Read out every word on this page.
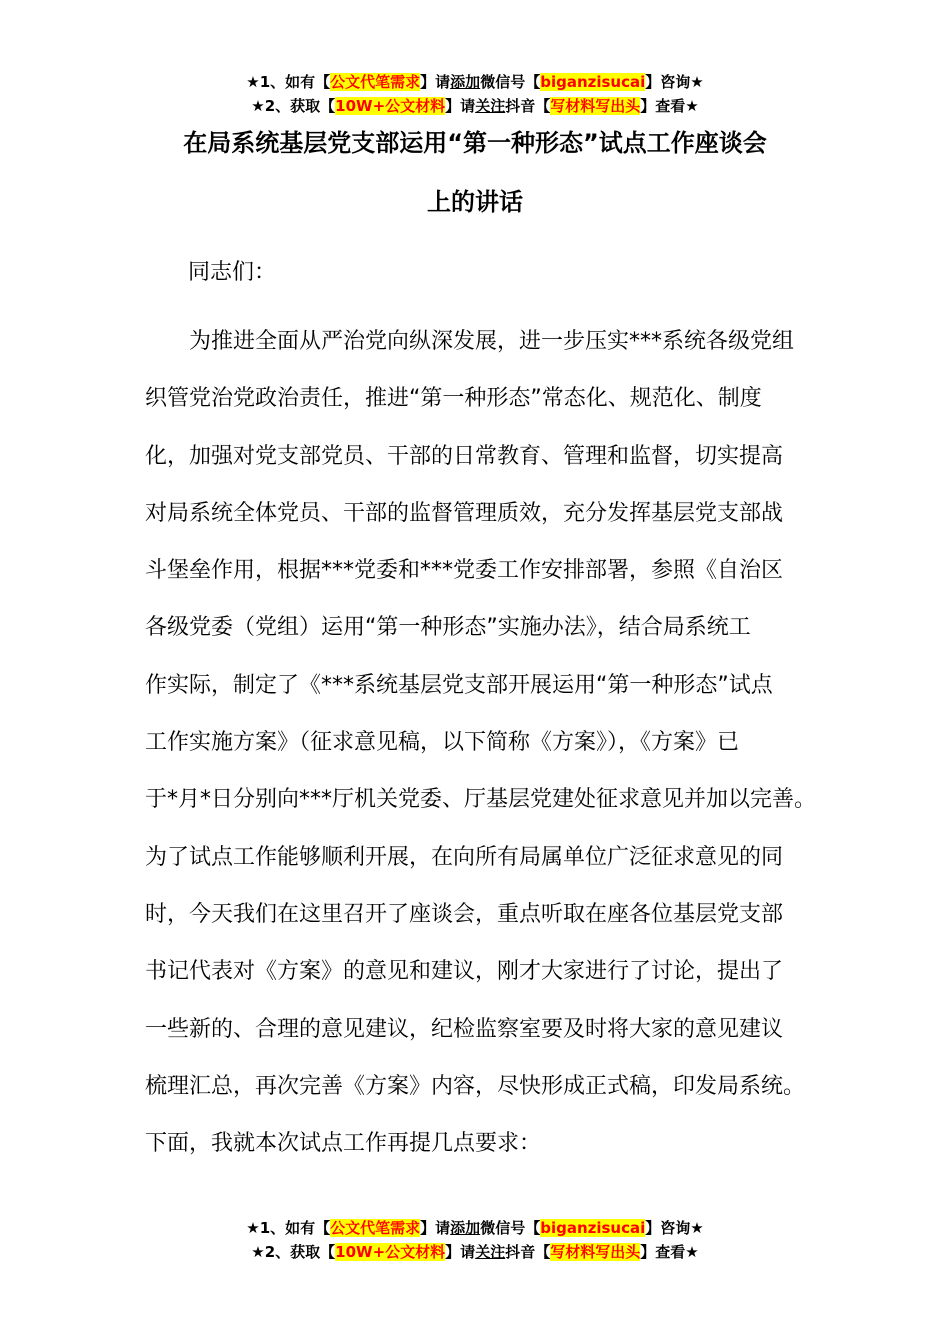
★1、如有【公文代笔需求】请添加微信号【biganzisucai】咨询★
★2、获取【10W+公文材料】请关注抖音【写材料写出头】查看★
在局系统基层党支部运用“第一种形态”试点工作座谈会
上的讲话
同志们：
为推进全面从严治党向纵深发展，进一步压实***系统各级党组
织管党治党政治责任，推进“第一种形态”常态化、规范化、制度
化，加强对党支部党员、干部的日常教育、管理和监督，切实提高
对局系统全体党员、干部的监督管理质效，充分发挥基层党支部战
斗堡垒作用，根据***党委和***党委工作安排部署，参照《自治区
各级党委（党组）运用“第一种形态”实施办法》，结合局系统工
作实际，制定了《***系统基层党支部开展运用“第一种形态”试点
工作实施方案》（征求意见稿，以下简称《方案》），《方案》已
于*月*日分别向***厅机关党委、厅基层党建处征求意见并加以完善。
为了试点工作能够顺利开展，在向所有局属单位广泛征求意见的同
时，今天我们在这里召开了座谈会，重点听取在座各位基层党支部
书记代表对《方案》的意见和建议，刚才大家进行了讨论，提出了
一些新的、合理的意见建议，纪检监察室要及时将大家的意见建议
梳理汇总，再次完善《方案》内容，尽快形成正式稿，印发局系统。
下面，我就本次试点工作再提几点要求：
★1、如有【公文代笔需求】请添加微信号【biganzisucai】咨询★
★2、获取【10W+公文材料】请关注抖音【写材料写出头】查看★
